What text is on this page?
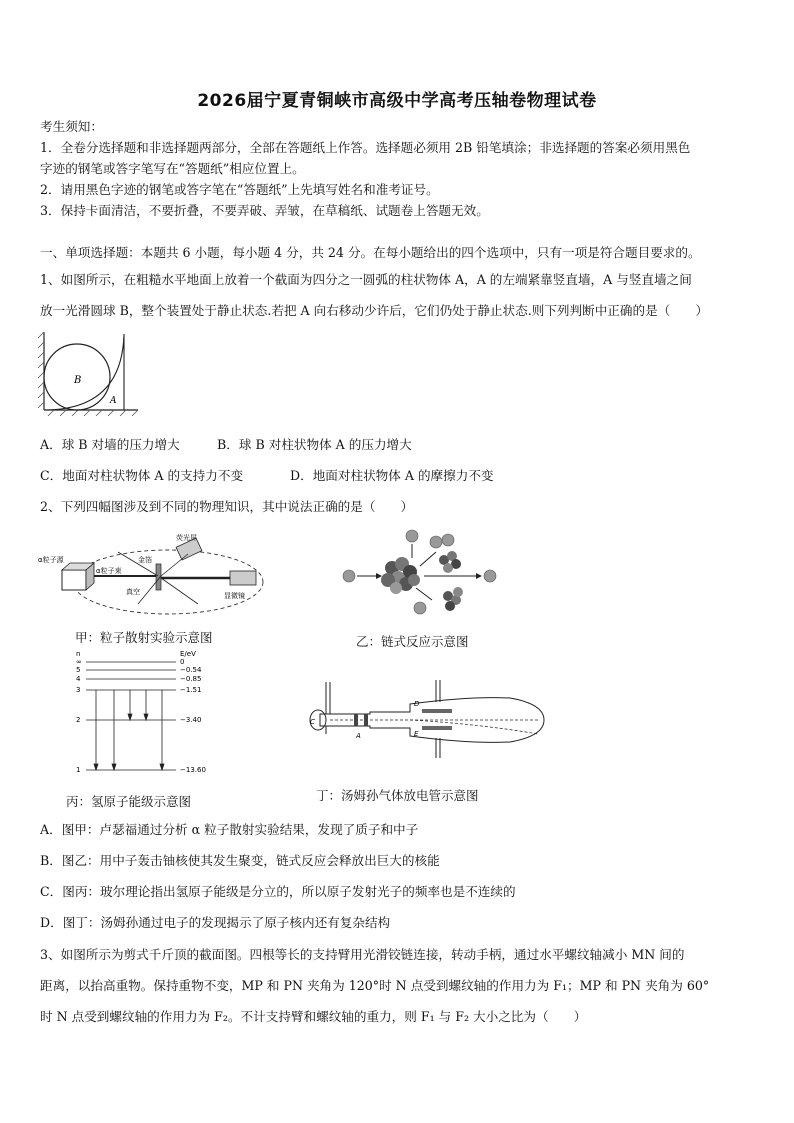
2026届宁夏青铜峡市高级中学高考压轴卷物理试卷
考生须知：
1．全卷分选择题和非选择题两部分，全部在答题纸上作答。选择题必须用 2B 铅笔填涂；非选择题的答案必须用黑色
字迹的钢笔或答字笔写在“答题纸”相应位置上。
2．请用黑色字迹的钢笔或答字笔在“答题纸”上先填写姓名和准考证号。
3．保持卡面清洁，不要折叠，不要弄破、弄皱，在草稿纸、试题卷上答题无效。
一、单项选择题：本题共 6 小题，每小题 4 分，共 24 分。在每小题给出的四个选项中，只有一项是符合题目要求的。
1、如图所示，在粗糙水平地面上放着一个截面为四分之一圆弧的柱状物体 A，A 的左端紧靠竖直墙，A 与竖直墙之间
放一光滑圆球 B，整个装置处于静止状态.若把 A 向右移动少许后，它们仍处于静止状态.则下列判断中正确的是（　　）
B
A
A．球 B 对墙的压力增大	B．球 B 对柱状物体 A 的压力增大
C．地面对柱状物体 A 的支持力不变	D．地面对柱状物体 A 的摩擦力不变
2、下列四幅图涉及到不同的物理知识，其中说法正确的是（　　）
α粒子源
α粒子束
荧光屏
金箔
真空	显微镜
甲：粒子散射实验示意图	乙：链式反应示意图
E/eV
n
∞	0
5	−0.54
4	−0.85
3	−1.51
2	−3.40
1	−13.60
丙：氢原子能级示意图
C
A
D
E
丁：汤姆孙气体放电管示意图
A．图甲：卢瑟福通过分析 α 粒子散射实验结果，发现了质子和中子
B．图乙：用中子轰击铀核使其发生聚变，链式反应会释放出巨大的核能
C．图丙：玻尔理论指出氢原子能级是分立的，所以原子发射光子的频率也是不连续的
D．图丁：汤姆孙通过电子的发现揭示了原子核内还有复杂结构
3、如图所示为剪式千斤顶的截面图。四根等长的支持臂用光滑铰链连接，转动手柄，通过水平螺纹轴减小 MN 间的
距离，以抬高重物。保持重物不变，MP 和 PN 夹角为 120°时 N 点受到螺纹轴的作用力为 F₁；MP 和 PN 夹角为 60°
时 N 点受到螺纹轴的作用力为 F₂。不计支持臂和螺纹轴的重力，则 F₁ 与 F₂ 大小之比为（　　）
